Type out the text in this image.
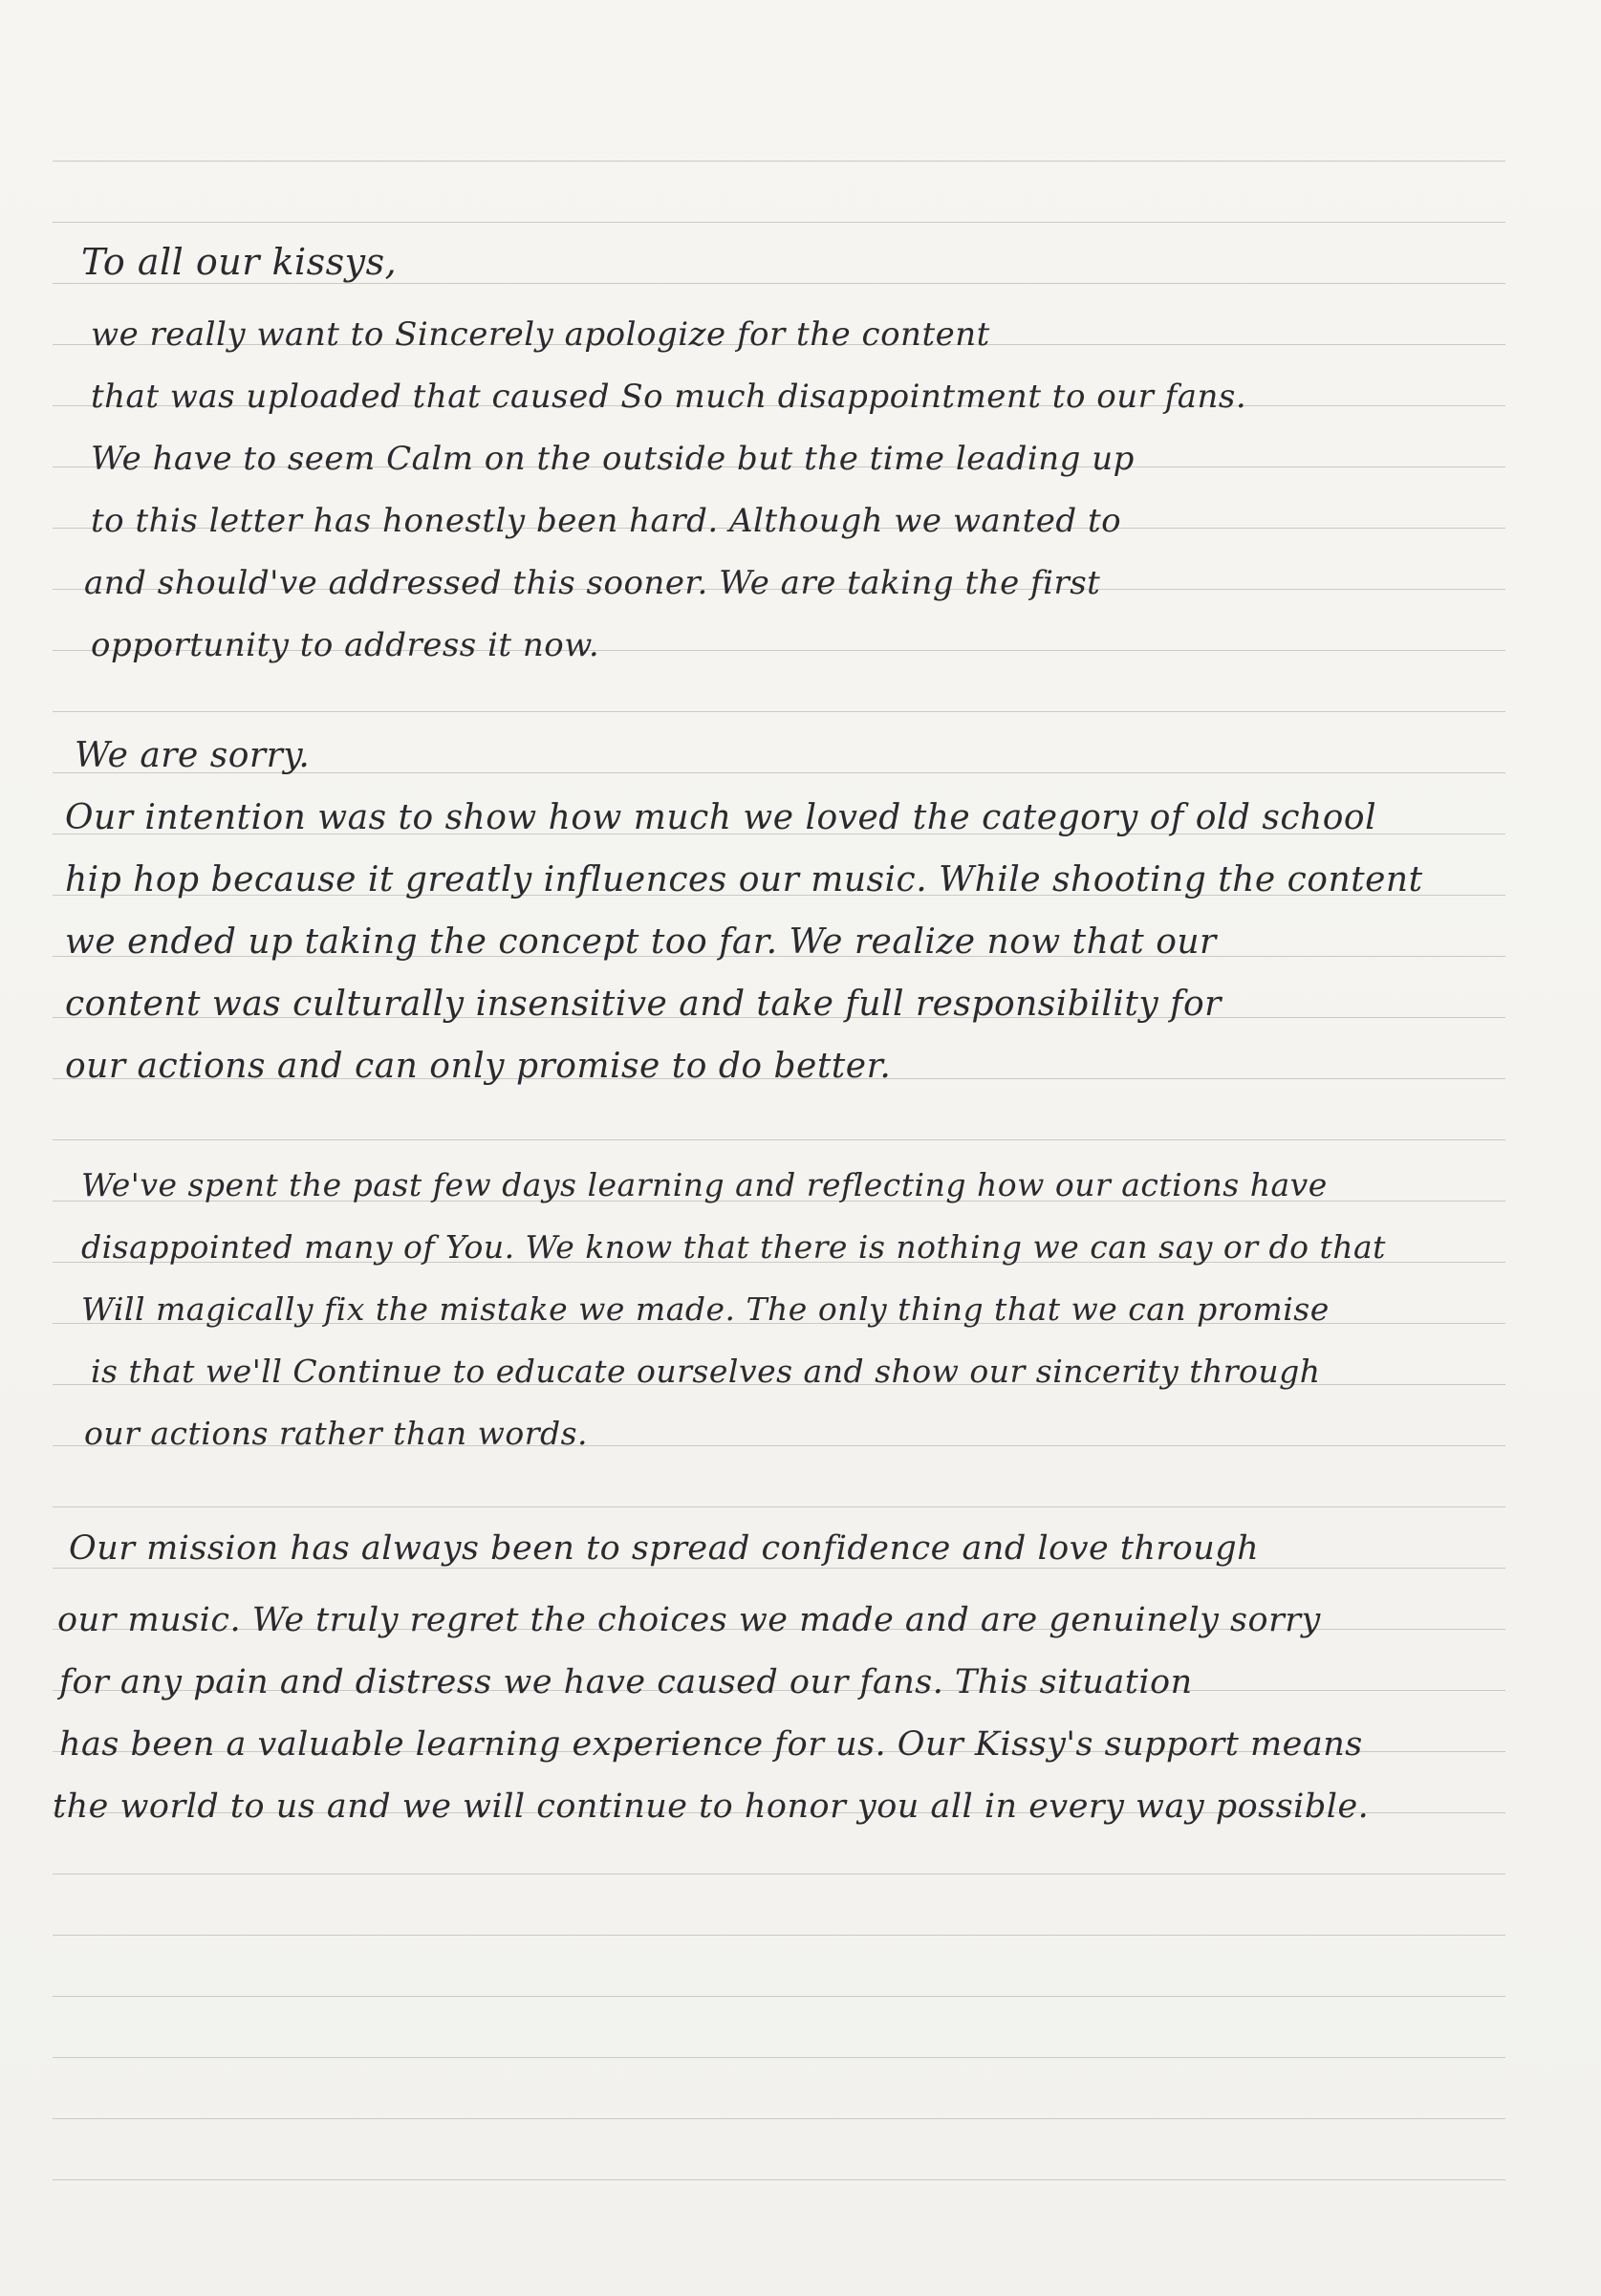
To all our kissys,

we really want to Sincerely apologize for the content

that was uploaded that caused So much disappointment to our fans.

We have to seem Calm on the outside but the time leading up

to this letter has honestly been hard. Although we wanted to

and should've addressed this sooner. We are taking the first

opportunity to address it now.

We are sorry.

Our intention was to show how much we loved the category of old school

hip hop because it greatly influences our music. While shooting the content

we ended up taking the concept too far. We realize now that our

content was culturally insensitive and take full responsibility for

our actions and can only promise to do better.

We've spent the past few days learning and reflecting how our actions have

disappointed many of You. We know that there is nothing we can say or do that

Will magically fix the mistake we made. The only thing that we can promise

is that we'll Continue to educate ourselves and show our sincerity through

our actions rather than words.

Our mission has always been to spread confidence and love through

our music. We truly regret the choices we made and are genuinely sorry

for any pain and distress we have caused our fans. This situation

has been a valuable learning experience for us. Our Kissy's support means

the world to us and we will continue to honor you all in every way possible.
